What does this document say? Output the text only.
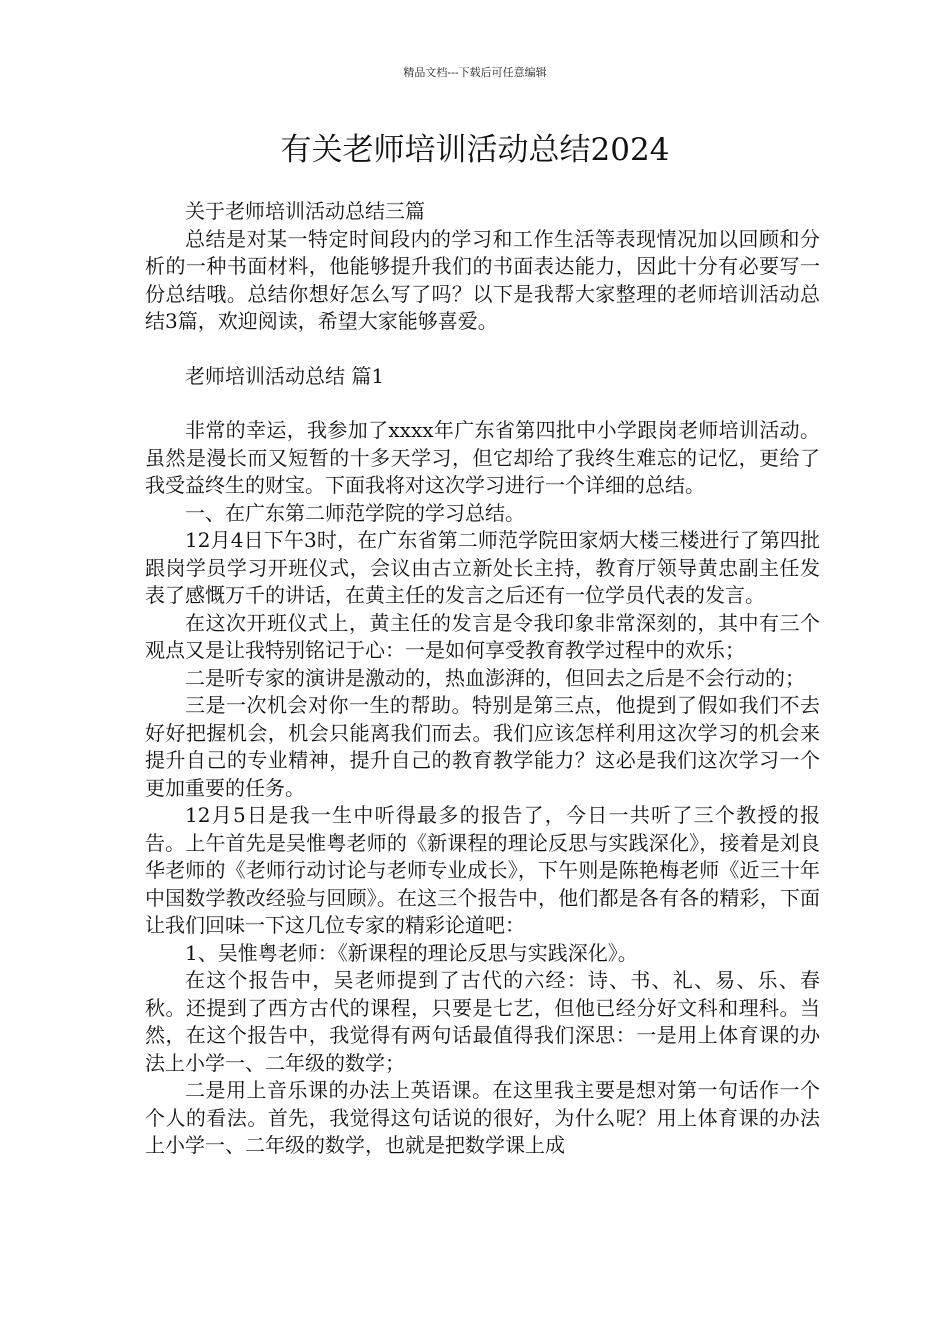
精品文档---下载后可任意编辑
有关老师培训活动总结2024

关于老师培训活动总结三篇

总结是对某一特定时间段内的学习和工作生活等表现情况加以回顾和分析的一种书面材料，他能够提升我们的书面表达能力，因此十分有必要写一份总结哦。总结你想好怎么写了吗？以下是我帮大家整理的老师培训活动总结3篇，欢迎阅读，希望大家能够喜爱。

老师培训活动总结 篇1

非常的幸运，我参加了xxxx年广东省第四批中小学跟岗老师培训活动。虽然是漫长而又短暂的十多天学习，但它却给了我终生难忘的记忆，更给了我受益终生的财宝。下面我将对这次学习进行一个详细的总结。

一、在广东第二师范学院的学习总结。

12月4日下午3时，在广东省第二师范学院田家炳大楼三楼进行了第四批跟岗学员学习开班仪式，会议由古立新处长主持，教育厅领导黄忠副主任发表了感慨万千的讲话，在黄主任的发言之后还有一位学员代表的发言。

在这次开班仪式上，黄主任的发言是令我印象非常深刻的，其中有三个观点又是让我特别铭记于心：一是如何享受教育教学过程中的欢乐；

二是听专家的演讲是激动的，热血澎湃的，但回去之后是不会行动的；

三是一次机会对你一生的帮助。特别是第三点，他提到了假如我们不去好好把握机会，机会只能离我们而去。我们应该怎样利用这次学习的机会来提升自己的专业精神，提升自己的教育教学能力？这必是我们这次学习一个更加重要的任务。

12月5日是我一生中听得最多的报告了，今日一共听了三个教授的报告。上午首先是吴惟粤老师的《新课程的理论反思与实践深化》，接着是刘良华老师的《老师行动讨论与老师专业成长》，下午则是陈艳梅老师《近三十年中国数学教改经验与回顾》。在这三个报告中，他们都是各有各的精彩，下面让我们回味一下这几位专家的精彩论道吧：

1、吴惟粤老师：《新课程的理论反思与实践深化》。

在这个报告中，吴老师提到了古代的六经：诗、书、礼、易、乐、春秋。还提到了西方古代的课程，只要是七艺，但他已经分好文科和理科。当然，在这个报告中，我觉得有两句话最值得我们深思：一是用上体育课的办法上小学一、二年级的数学；

二是用上音乐课的办法上英语课。在这里我主要是想对第一句话作一个个人的看法。首先，我觉得这句话说的很好，为什么呢？用上体育课的办法上小学一、二年级的数学，也就是把数学课上成
